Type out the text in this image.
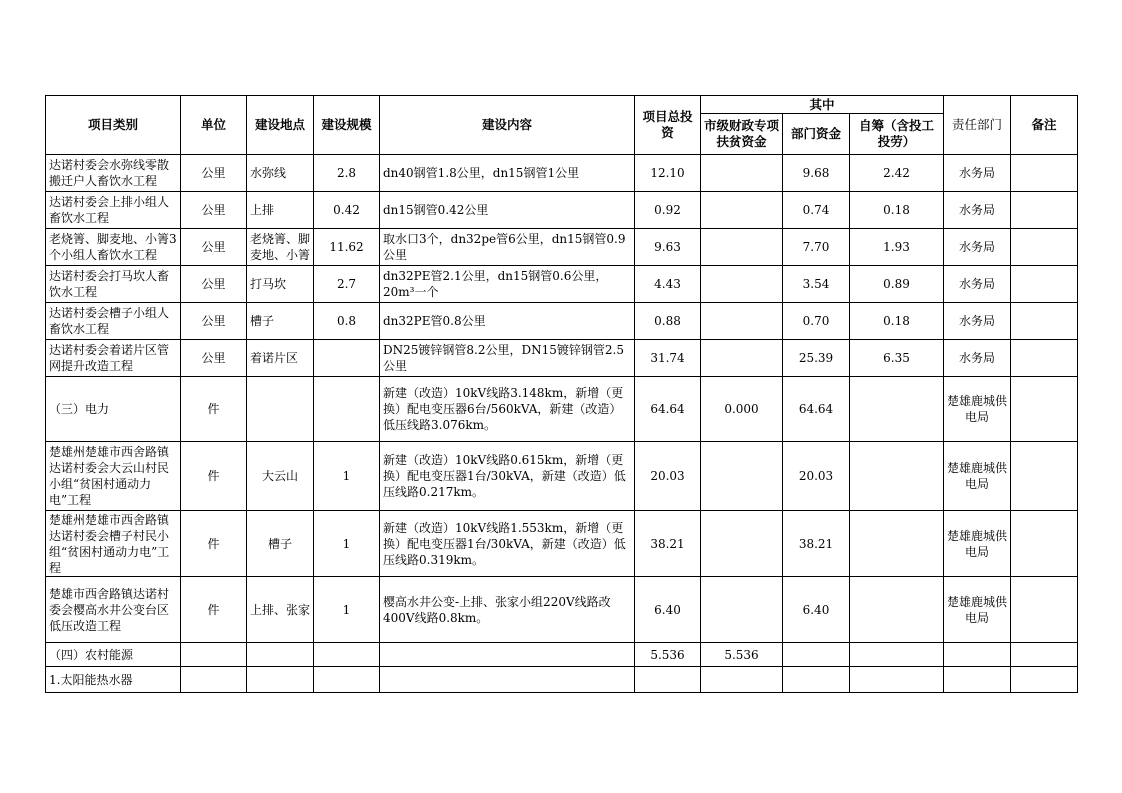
项目类别	单位	建设地点	建设规模	建设内容	项目总投资	其中			责任部门	备注
						市级财政专项扶贫资金	部门资金	自筹（含投工投劳）		

达诺村委会水弥线零散搬迁户人畜饮水工程	公里	水弥线	2.8	dn40钢管1.8公里，dn15钢管1公里	12.10		9.68	2.42	水务局	

达诺村委会上排小组人畜饮水工程	公里	上排	0.42	dn15钢管0.42公里	0.92		0.74	0.18	水务局	

老烧箐、脚麦地、小箐3个小组人畜饮水工程	公里	老烧箐、脚麦地、小箐	11.62	取水口3个，dn32pe管6公里，dn15钢管0.9公里	9.63		7.70	1.93	水务局	

达诺村委会打马坎人畜饮水工程	公里	打马坎	2.7	dn32PE管2.1公里，dn15钢管0.6公里，20m³一个	4.43		3.54	0.89	水务局	

达诺村委会槽子小组人畜饮水工程	公里	槽子	0.8	dn32PE管0.8公里	0.88		0.70	0.18	水务局	

达诺村委会着诺片区管网提升改造工程	公里	着诺片区		DN25镀锌钢管8.2公里，DN15镀锌钢管2.5公里	31.74		25.39	6.35	水务局	
（三）电力	件			新建（改造）10kV线路3.148km，新增（更换）配电变压器6台/560kVA，新建（改造）低压线路3.076km。	64.64	0.000	64.64		楚雄鹿城供电局	
楚雄州楚雄市西舍路镇达诺村委会大云山村民小组“贫困村通动力电”工程	件	大云山	1	新建（改造）10kV线路0.615km，新增（更换）配电变压器1台/30kVA，新建（改造）低压线路0.217km。	20.03		20.03		楚雄鹿城供电局	
楚雄州楚雄市西舍路镇达诺村委会槽子村民小组“贫困村通动力电”工程	件	槽子	1	新建（改造）10kV线路1.553km，新增（更换）配电变压器1台/30kVA，新建（改造）低压线路0.319km。	38.21		38.21		楚雄鹿城供电局	
楚雄市西舍路镇达诺村委会樱高水井公变台区低压改造工程	件	上排、张家	1	樱高水井公变-上排、张家小组220V线路改400V线路0.8km。	6.40		6.40		楚雄鹿城供电局	
（四）农村能源					5.536	5.536				
1.太阳能热水器										
